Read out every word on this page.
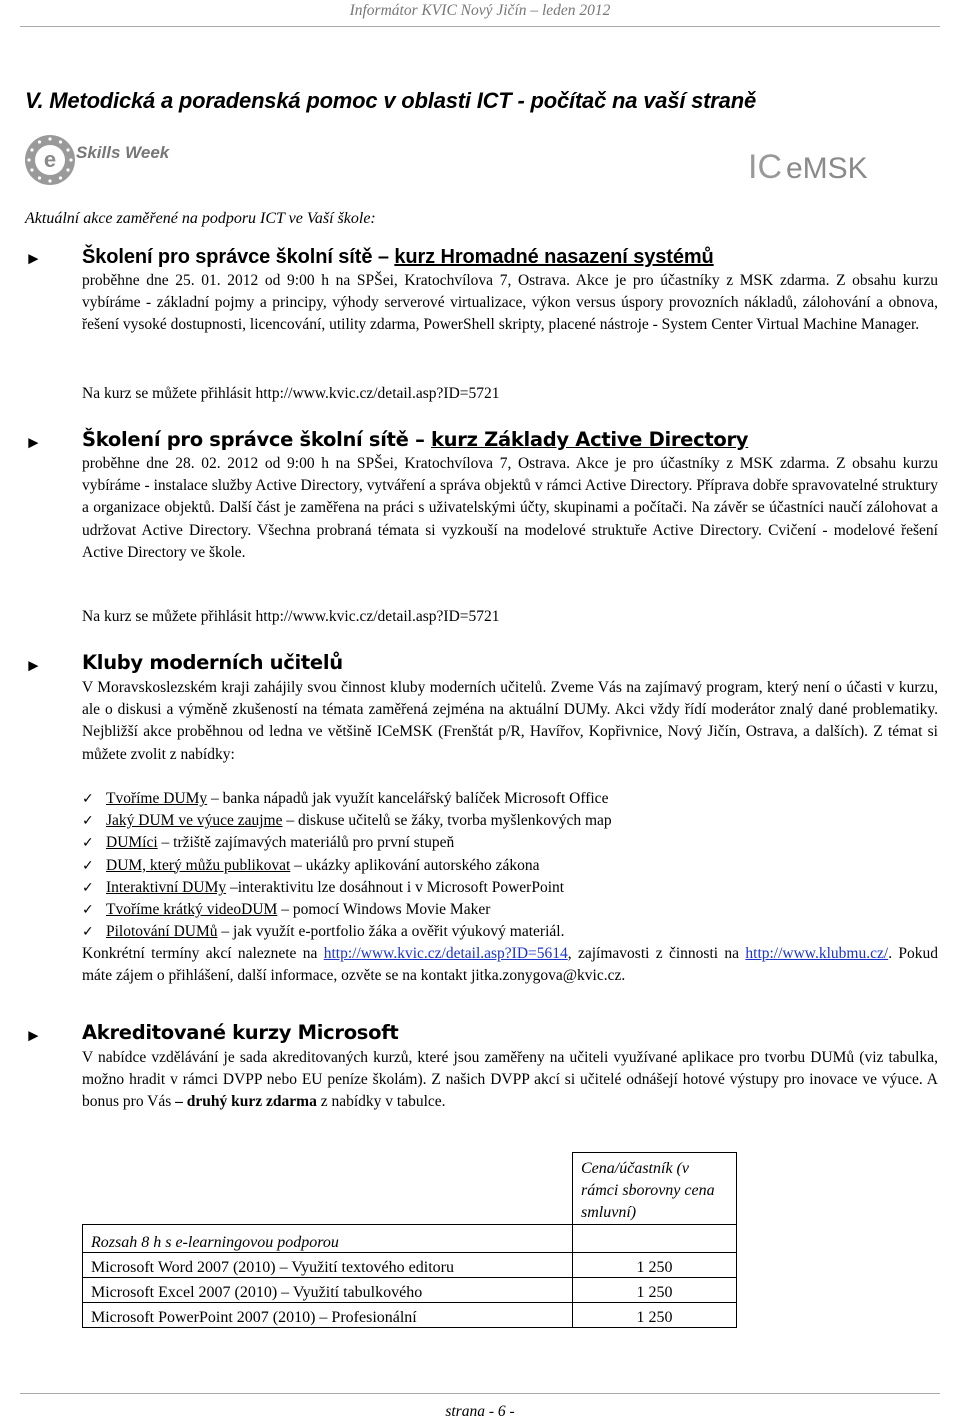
Informátor KVIC Nový Jičín – leden 2012
V. Metodická a poradenská pomoc v oblasti ICT - počítač na vaší straně
e Skills Week	IC eMSK
Aktuální akce zaměřené na podporu ICT ve Vaší škole:
► Školení pro správce školní sítě – kurz Hromadné nasazení systémů

proběhne dne 25. 01. 2012 od 9:00 h na SPŠei, Kratochvílova 7, Ostrava. Akce je pro účastníky z MSK zdarma. Z obsahu kurzu vybíráme - základní pojmy a principy, výhody serverové virtualizace, výkon versus úspory provozních nákladů, zálohování a obnova, řešení vysoké dostupnosti, licencování, utility zdarma, PowerShell skripty, placené nástroje - System Center Virtual Machine Manager.

Na kurz se můžete přihlásit http://www.kvic.cz/detail.asp?ID=5721
► Školení pro správce školní sítě – kurz Základy Active Directory

proběhne dne 28. 02. 2012 od 9:00 h na SPŠei, Kratochvílova 7, Ostrava. Akce je pro účastníky z MSK zdarma. Z obsahu kurzu vybíráme - instalace služby Active Directory, vytváření a správa objektů v rámci Active Directory. Příprava dobře spravovatelné struktury a organizace objektů. Další část je zaměřena na práci s uživatelskými účty, skupinami a počítači. Na závěr se účastníci naučí zálohovat a udržovat Active Directory. Všechna probraná témata si vyzkouší na modelové struktuře Active Directory. Cvičení - modelové řešení Active Directory ve škole.

Na kurz se můžete přihlásit http://www.kvic.cz/detail.asp?ID=5721
► Kluby moderních učitelů

V Moravskoslezském kraji zahájily svou činnost kluby moderních učitelů. Zveme Vás na zajímavý program, který není o účasti v kurzu, ale o diskusi a výměně zkušeností na témata zaměřená zejména na aktuální DUMy. Akci vždy řídí moderátor znalý dané problematiky. Nejbližší akce proběhnou od ledna ve většině ICeMSK (Frenštát p/R, Havířov, Kopřivnice, Nový Jičín, Ostrava, a dalších). Z témat si můžete zvolit z nabídky:

✓ Tvoříme DUMy – banka nápadů jak využít kancelářský balíček Microsoft Office
✓ Jaký DUM ve výuce zaujme – diskuse učitelů se žáky, tvorba myšlenkových map
✓ DUMíci – tržiště zajímavých materiálů pro první stupeň
✓ DUM, který můžu publikovat – ukázky aplikování autorského zákona
✓ Interaktivní DUMy –interaktivitu lze dosáhnout i v Microsoft PowerPoint
✓ Tvoříme krátký videoDUM – pomocí Windows Movie Maker
✓ Pilotování DUMů – jak využít e-portfolio žáka a ověřit výukový materiál.

Konkrétní termíny akcí naleznete na http://www.kvic.cz/detail.asp?ID=5614, zajímavosti z činnosti na http://www.klubmu.cz/. Pokud máte zájem o přihlášení, další informace, ozvěte se na kontakt jitka.zonygova@kvic.cz.

► Akreditované kurzy Microsoft

V nabídce vzdělávání je sada akreditovaných kurzů, které jsou zaměřeny na učiteli využívané aplikace pro tvorbu DUMů (viz tabulka, možno hradit v rámci DVPP nebo EU peníze školám). Z našich DVPP akcí si učitelé odnášejí hotové výstupy pro inovace ve výuce. A bonus pro Vás – druhý kurz zdarma z nabídky v tabulce.

	Cena/účastník (v rámci sborovny cena smluvní)
Rozsah 8 h s e-learningovou podporou	
Microsoft Word 2007 (2010) – Využití textového editoru	1 250
Microsoft Excel 2007 (2010) – Využití tabulkového	1 250
Microsoft PowerPoint 2007 (2010) – Profesionální	1 250
strana - 6 -
